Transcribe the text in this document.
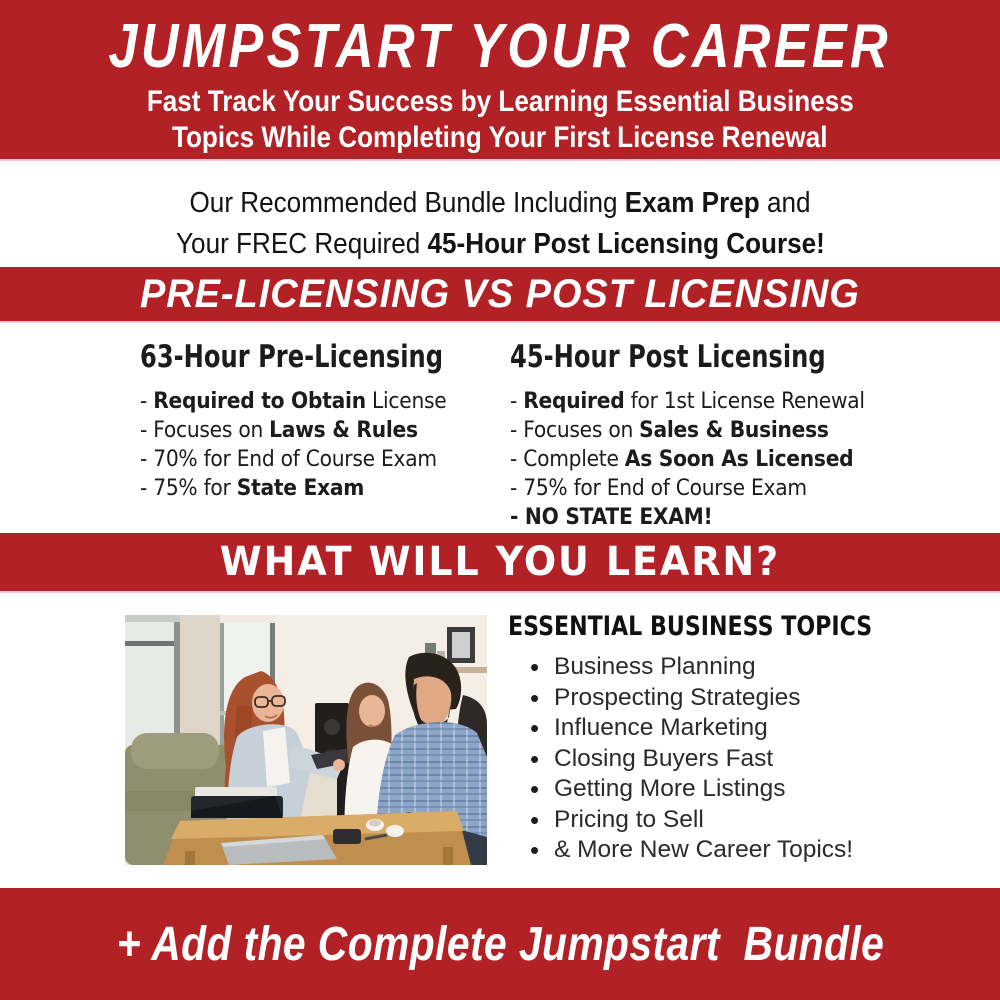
JUMPSTART YOUR CAREER
Fast Track Your Success by Learning Essential Business
Topics While Completing Your First License Renewal
Our Recommended Bundle Including Exam Prep and
Your FREC Required 45-Hour Post Licensing Course!
PRE-LICENSING VS POST LICENSING
63-Hour Pre-Licensing
- Required to Obtain License
- Focuses on Laws & Rules
- 70% for End of Course Exam
- 75% for State Exam
45-Hour Post Licensing
- Required for 1st License Renewal
- Focuses on Sales & Business
- Complete As Soon As Licensed
- 75% for End of Course Exam
- NO STATE EXAM!
WHAT WILL YOU LEARN?
ESSENTIAL BUSINESS TOPICS
• Business Planning
• Prospecting Strategies
• Influence Marketing
• Closing Buyers Fast
• Getting More Listings
• Pricing to Sell
• & More New Career Topics!
+ Add the Complete Jumpstart  Bundle
